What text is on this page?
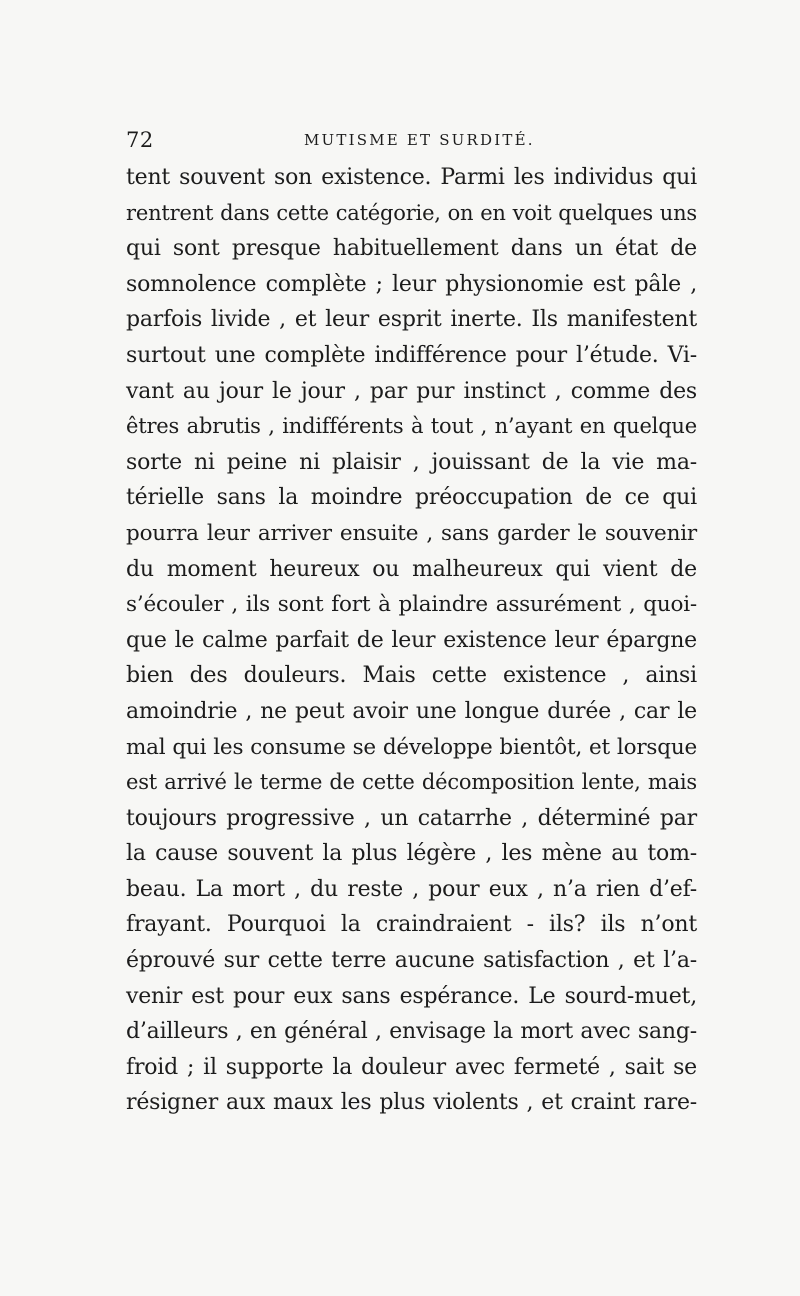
72	MUTISME ET SURDITÉ.
tent souvent son existence. Parmi les individus qui
rentrent dans cette catégorie, on en voit quelques uns
qui sont presque habituellement dans un état de
somnolence complète ; leur physionomie est pâle ,
parfois livide , et leur esprit inerte. Ils manifestent
surtout une complète indifférence pour l’étude. Vi-
vant au jour le jour , par pur instinct , comme des
êtres abrutis , indifférents à tout , n’ayant en quelque
sorte ni peine ni plaisir , jouissant de la vie ma-
térielle sans la moindre préoccupation de ce qui
pourra leur arriver ensuite , sans garder le souvenir
du moment heureux ou malheureux qui vient de
s’écouler , ils sont fort à plaindre assurément , quoi-
que le calme parfait de leur existence leur épargne
bien des douleurs. Mais cette existence , ainsi
amoindrie , ne peut avoir une longue durée , car le
mal qui les consume se développe bientôt, et lorsque
est arrivé le terme de cette décomposition lente, mais
toujours progressive , un catarrhe , déterminé par
la cause souvent la plus légère , les mène au tom-
beau. La mort , du reste , pour eux , n’a rien d’ef-
frayant. Pourquoi la craindraient - ils? ils n’ont
éprouvé sur cette terre aucune satisfaction , et l’a-
venir est pour eux sans espérance. Le sourd-muet,
d’ailleurs , en général , envisage la mort avec sang-
froid ; il supporte la douleur avec fermeté , sait se
résigner aux maux les plus violents , et craint rare-
